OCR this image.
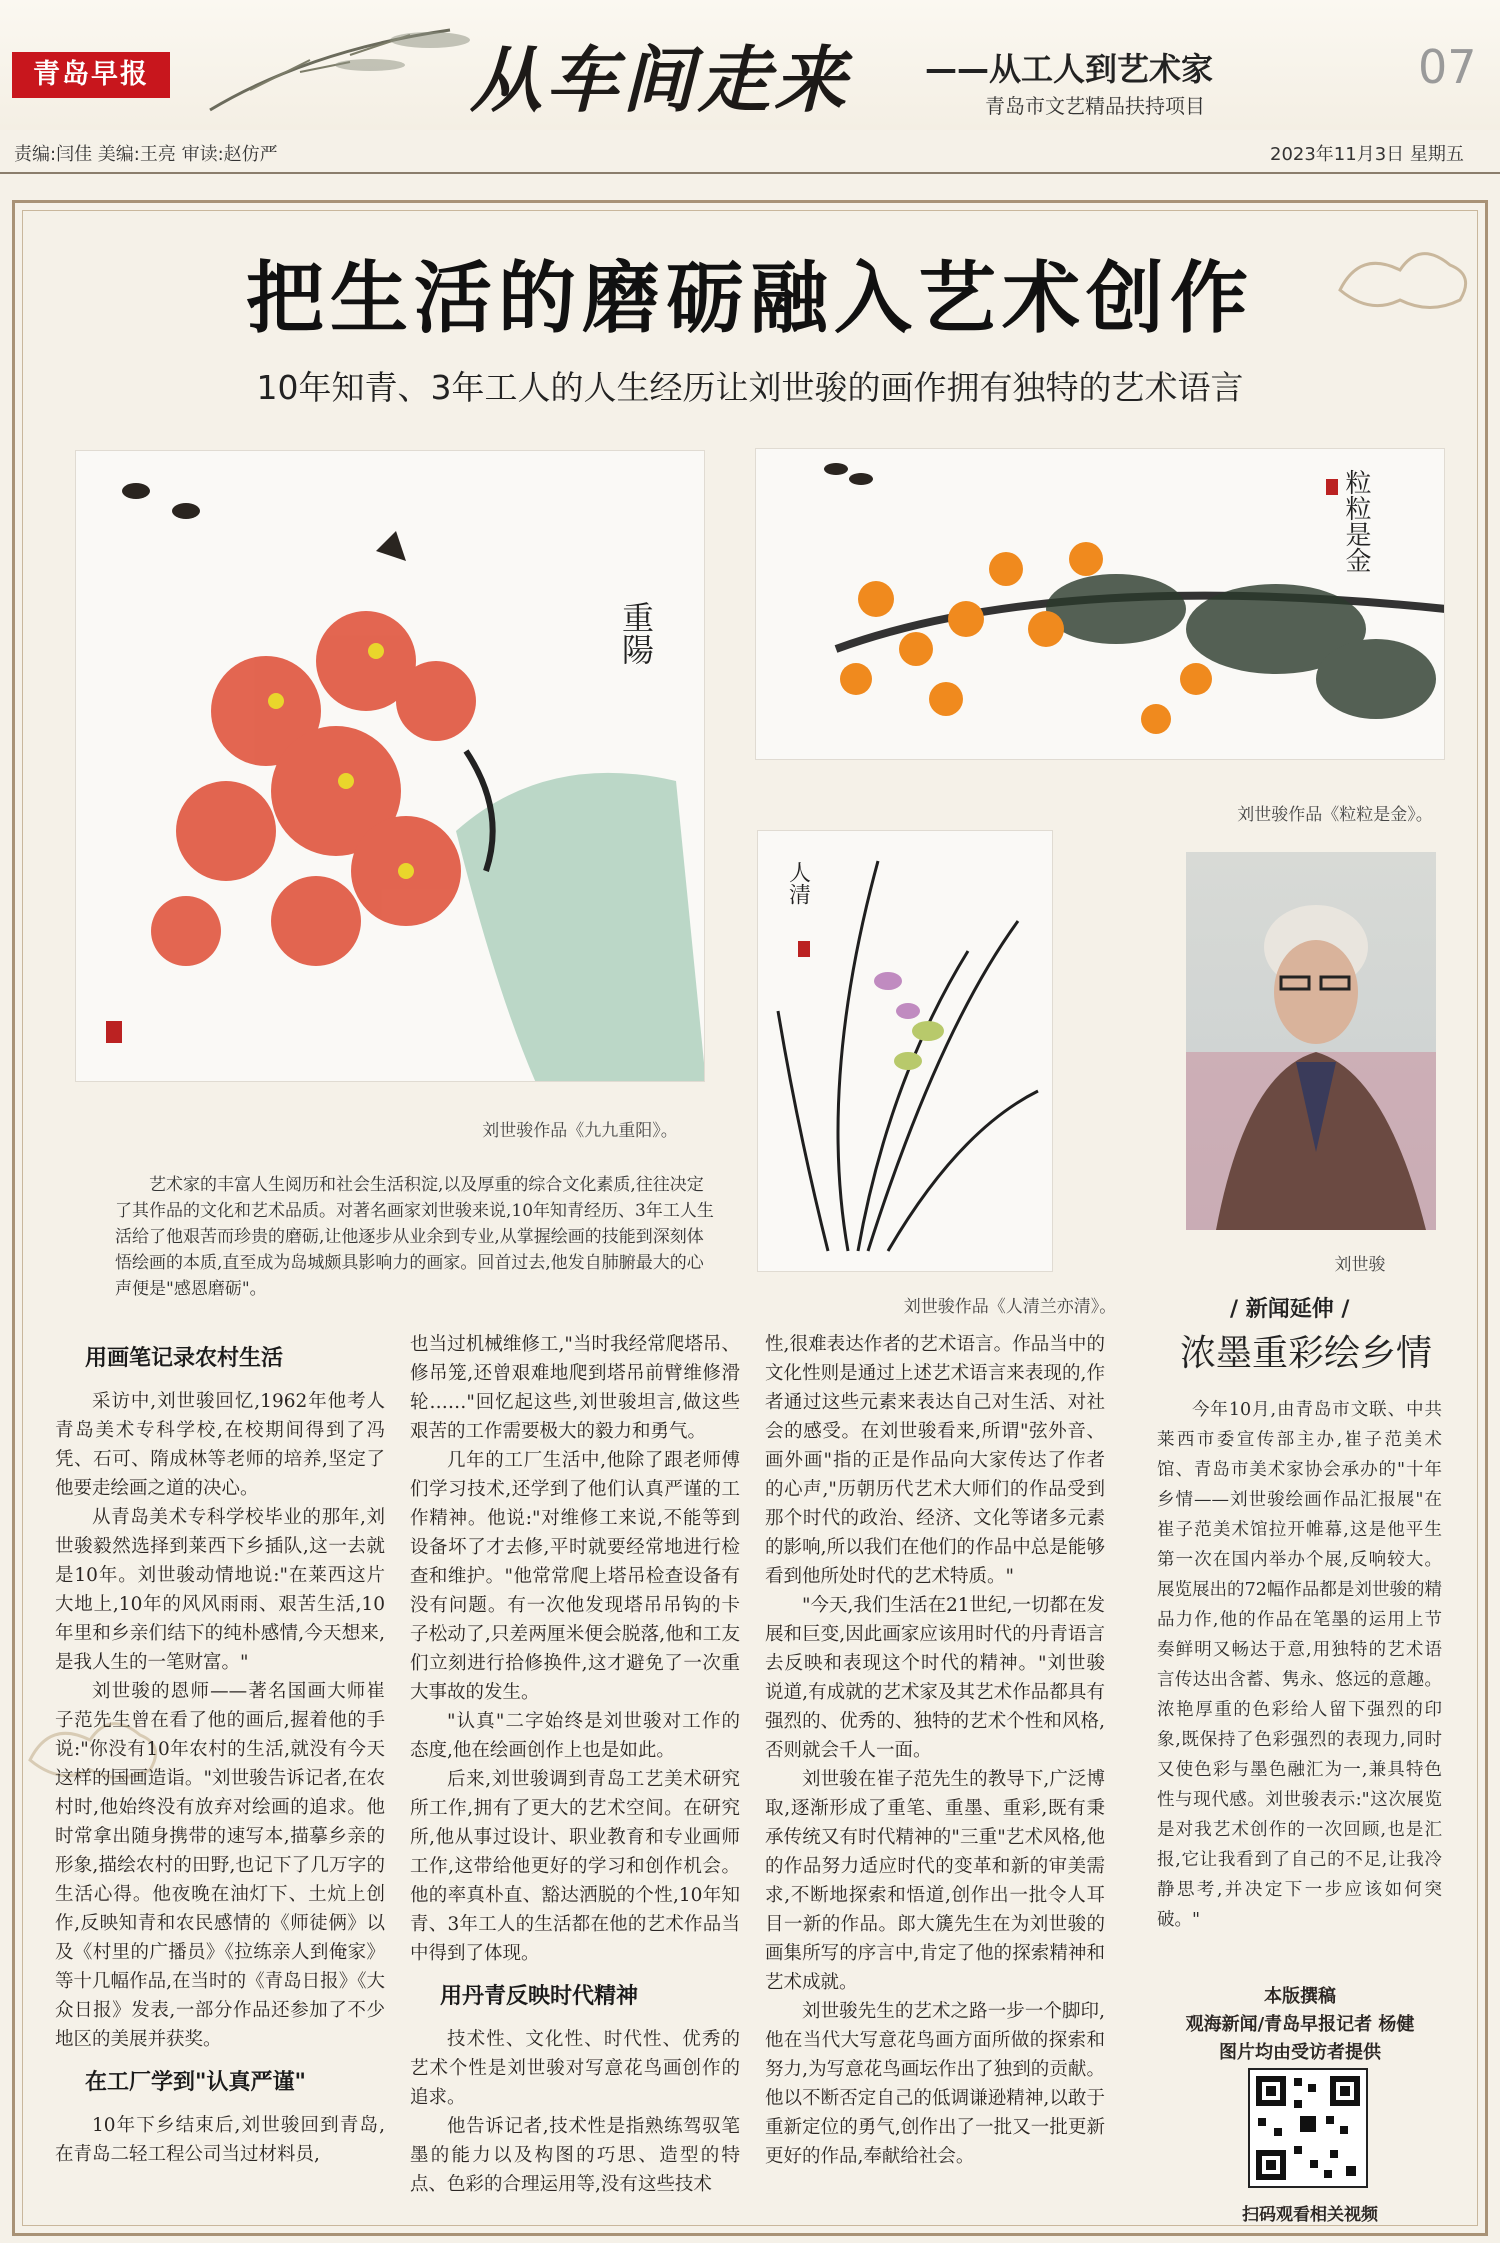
青岛早报	从车间走来 ——从工人到艺术家
青岛市文艺精品扶持项目
07
责编:闫佳 美编:王亮 审读:赵仿严	2023年11月3日 星期五
把生活的磨砺融入艺术创作
10年知青、3年工人的人生经历让刘世骏的画作拥有独特的艺术语言
重陽
刘世骏作品《九九重阳》。
粒粒是金
刘世骏作品《粒粒是金》。
人清
刘世骏作品《人清兰亦清》。
刘世骏
艺术家的丰富人生阅历和社会生活积淀,以及厚重的综合文化素质,往往决定了其作品的文化和艺术品质。对著名画家刘世骏来说,10年知青经历、3年工人生活给了他艰苦而珍贵的磨砺,让他逐步从业余到专业,从掌握绘画的技能到深刻体悟绘画的本质,直至成为岛城颇具影响力的画家。回首过去,他发自肺腑最大的心声便是"感恩磨砺"。
用画笔记录农村生活

采访中,刘世骏回忆,1962年他考人青岛美术专科学校,在校期间得到了冯凭、石可、隋成林等老师的培养,坚定了他要走绘画之道的决心。

从青岛美术专科学校毕业的那年,刘世骏毅然选择到莱西下乡插队,这一去就是10年。刘世骏动情地说:"在莱西这片大地上,10年的风风雨雨、艰苦生活,10年里和乡亲们结下的纯朴感情,今天想来,是我人生的一笔财富。"

刘世骏的恩师——著名国画大师崔子范先生曾在看了他的画后,握着他的手说:"你没有10年农村的生活,就没有今天这样的国画造诣。"刘世骏告诉记者,在农村时,他始终没有放弃对绘画的追求。他时常拿出随身携带的速写本,描摹乡亲的形象,描绘农村的田野,也记下了几万字的生活心得。他夜晚在油灯下、土炕上创作,反映知青和农民感情的《师徒俩》以及《村里的广播员》《拉练亲人到俺家》等十几幅作品,在当时的《青岛日报》《大众日报》发表,一部分作品还参加了不少地区的美展并获奖。

在工厂学到"认真严谨"

10年下乡结束后,刘世骏回到青岛,在青岛二轻工程公司当过材料员,

也当过机械维修工,"当时我经常爬塔吊、修吊笼,还曾艰难地爬到塔吊前臂维修滑轮……"回忆起这些,刘世骏坦言,做这些艰苦的工作需要极大的毅力和勇气。

几年的工厂生活中,他除了跟老师傅们学习技术,还学到了他们认真严谨的工作精神。他说:"对维修工来说,不能等到设备坏了才去修,平时就要经常地进行检查和维护。"他常常爬上塔吊检查设备有没有问题。有一次他发现塔吊吊钩的卡子松动了,只差两厘米便会脱落,他和工友们立刻进行拾修换件,这才避免了一次重大事故的发生。

"认真"二字始终是刘世骏对工作的态度,他在绘画创作上也是如此。

后来,刘世骏调到青岛工艺美术研究所工作,拥有了更大的艺术空间。在研究所,他从事过设计、职业教育和专业画师工作,这带给他更好的学习和创作机会。他的率真朴直、豁达洒脱的个性,10年知青、3年工人的生活都在他的艺术作品当中得到了体现。

用丹青反映时代精神

技术性、文化性、时代性、优秀的艺术个性是刘世骏对写意花鸟画创作的追求。

他告诉记者,技术性是指熟练驾驭笔墨的能力以及构图的巧思、造型的特点、色彩的合理运用等,没有这些技术

性,很难表达作者的艺术语言。作品当中的文化性则是通过上述艺术语言来表现的,作者通过这些元素来表达自己对生活、对社会的感受。在刘世骏看来,所谓"弦外音、画外画"指的正是作品向大家传达了作者的心声,"历朝历代艺术大师们的作品受到那个时代的政治、经济、文化等诸多元素的影响,所以我们在他们的作品中总是能够看到他所处时代的艺术特质。"

"今天,我们生活在21世纪,一切都在发展和巨变,因此画家应该用时代的丹青语言去反映和表现这个时代的精神。"刘世骏说道,有成就的艺术家及其艺术作品都具有强烈的、优秀的、独特的艺术个性和风格,否则就会千人一面。

刘世骏在崔子范先生的教导下,广泛博取,逐渐形成了重笔、重墨、重彩,既有秉承传统又有时代精神的"三重"艺术风格,他的作品努力适应时代的变革和新的审美需求,不断地探索和悟道,创作出一批令人耳目一新的作品。郎大篪先生在为刘世骏的画集所写的序言中,肯定了他的探索精神和艺术成就。

刘世骏先生的艺术之路一步一个脚印,他在当代大写意花鸟画方面所做的探索和努力,为写意花鸟画坛作出了独到的贡献。他以不断否定自己的低调谦逊精神,以敢于重新定位的勇气,创作出了一批又一批更新更好的作品,奉献给社会。

/ 新闻延伸 /
浓墨重彩绘乡情
今年10月,由青岛市文联、中共莱西市委宣传部主办,崔子范美术馆、青岛市美术家协会承办的"十年乡情——刘世骏绘画作品汇报展"在崔子范美术馆拉开帷幕,这是他平生第一次在国内举办个展,反响较大。展览展出的72幅作品都是刘世骏的精品力作,他的作品在笔墨的运用上节奏鲜明又畅达于意,用独特的艺术语言传达出含蓄、隽永、悠远的意趣。浓艳厚重的色彩给人留下强烈的印象,既保持了色彩强烈的表现力,同时又使色彩与墨色融汇为一,兼具特色性与现代感。刘世骏表示:"这次展览是对我艺术创作的一次回顾,也是汇报,它让我看到了自己的不足,让我冷静思考,并决定下一步应该如何突破。"
本版撰稿
观海新闻/青岛早报记者 杨健
图片均由受访者提供
扫码观看相关视频
